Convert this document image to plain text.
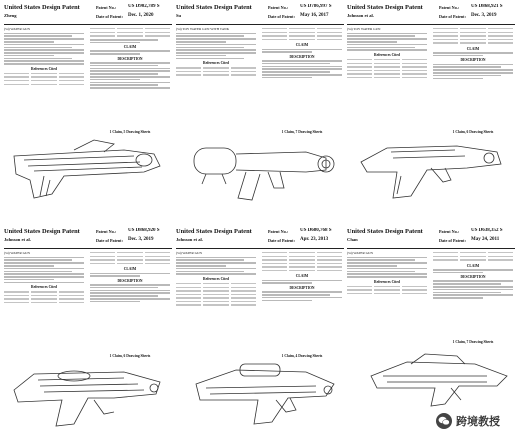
United States Design Patent
Zheng
Patent No.: US D902,789 S
Date of Patent: Dec. 1, 2020
(54) WATER GUN
References Cited
CLAIM
DESCRIPTION
1 Claim, 5 Drawing Sheets
United States Design Patent
Su
Patent No.: US D786,997 S
Date of Patent: May 16, 2017
(54) TOY WATER GUN WITH TANK
References Cited
CLAIM
DESCRIPTION
1 Claim, 7 Drawing Sheets
United States Design Patent
Johnson et al.
Patent No.: US D868,921 S
Date of Patent: Dec. 3, 2019
(54) TOY WATER GUN
References Cited
CLAIM
DESCRIPTION
1 Claim, 6 Drawing Sheets
United States Design Patent
Johnson et al.
Patent No.: US D868,920 S
Date of Patent: Dec. 3, 2019
(54) WATER GUN
References Cited
CLAIM
DESCRIPTION
1 Claim, 6 Drawing Sheets
United States Design Patent
Johnson et al.
Patent No.: US D680,768 S
Date of Patent: Apr. 23, 2013
(54) WATER GUN
References Cited
CLAIM
DESCRIPTION
1 Claim, 4 Drawing Sheets
United States Design Patent
Chan
Patent No.: US D638,352 S
Date of Patent: May 24, 2011
(54) WATER GUN
References Cited
CLAIM
DESCRIPTION
1 Claim, 7 Drawing Sheets
跨境教授
